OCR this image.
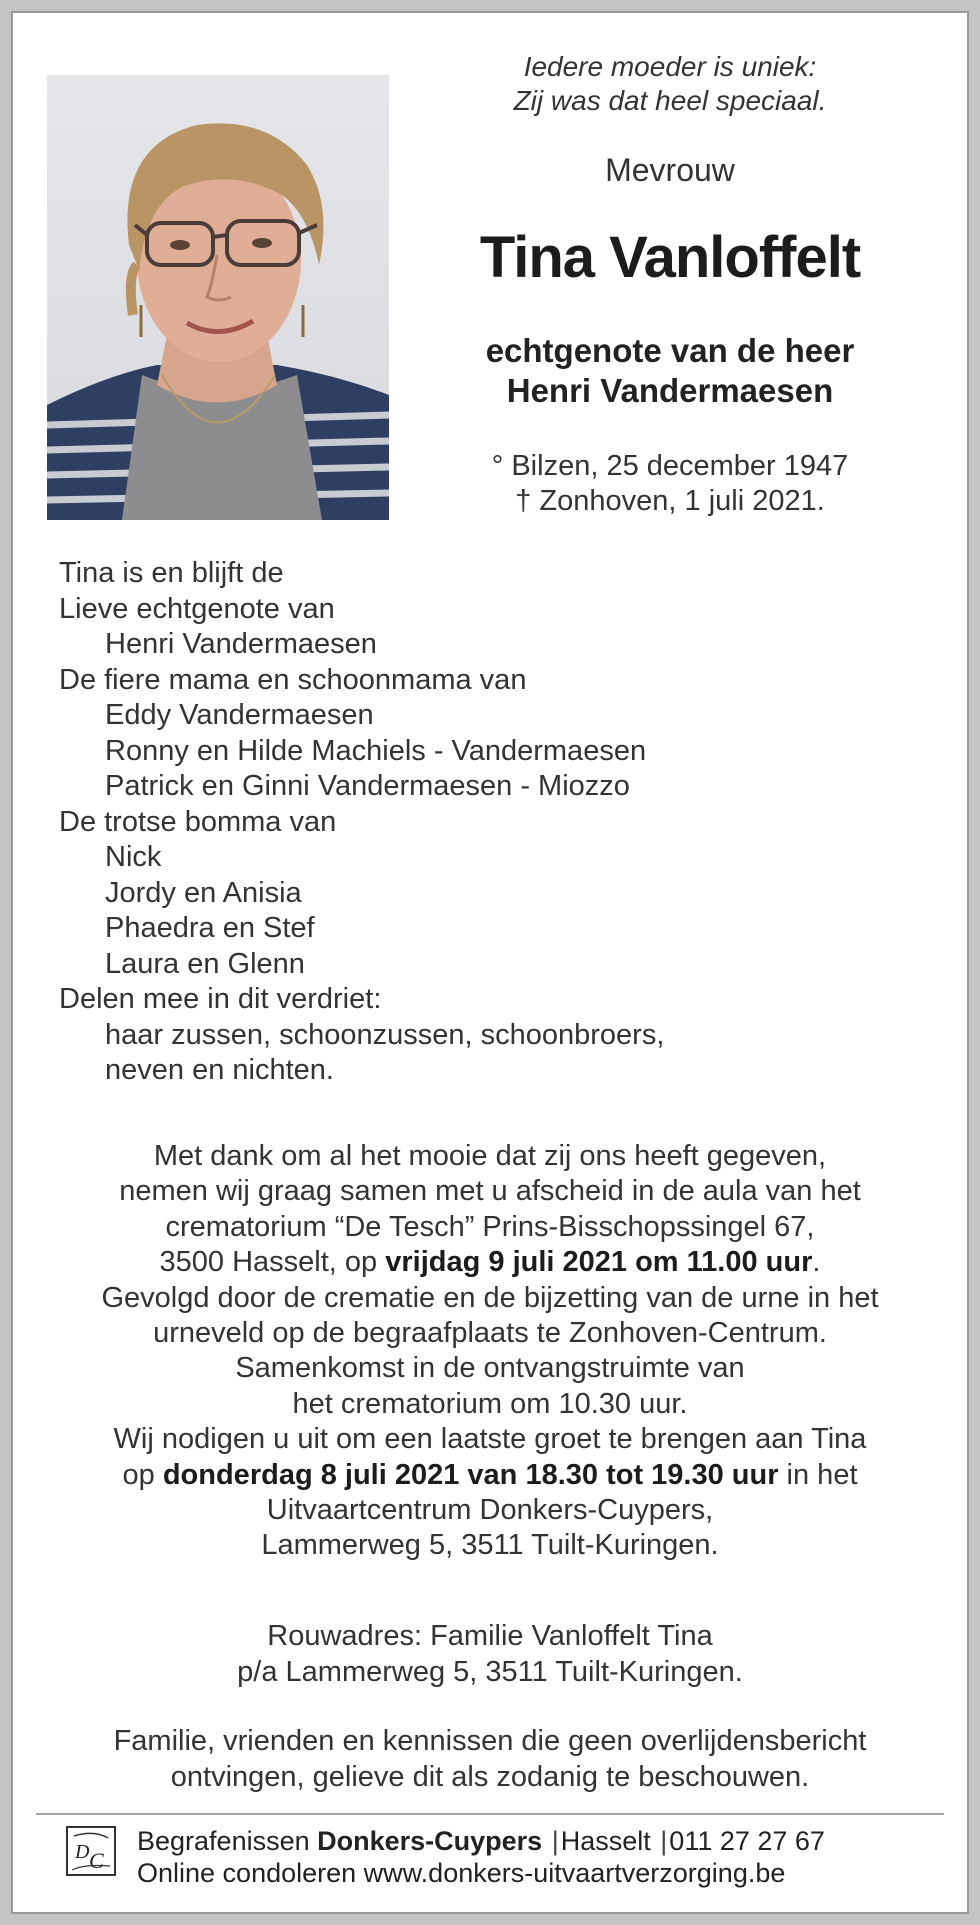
Iedere moeder is uniek:
Zij was dat heel speciaal.
Mevrouw
Tina Vanloffelt
echtgenote van de heer
Henri Vandermaesen
° Bilzen, 25 december 1947
† Zonhoven, 1 juli 2021.
Tina is en blijft de
Lieve echtgenote van
Henri Vandermaesen
De fiere mama en schoonmama van
Eddy Vandermaesen
Ronny en Hilde Machiels - Vandermaesen
Patrick en Ginni Vandermaesen - Miozzo
De trotse bomma van
Nick
Jordy en Anisia
Phaedra en Stef
Laura en Glenn
Delen mee in dit verdriet:
haar zussen, schoonzussen, schoonbroers,
neven en nichten.
Met dank om al het mooie dat zij ons heeft gegeven,
nemen wij graag samen met u afscheid in de aula van het
crematorium “De Tesch” Prins-Bisschopssingel 67,
3500 Hasselt, op vrijdag 9 juli 2021 om 11.00 uur.
Gevolgd door de crematie en de bijzetting van de urne in het
urneveld op de begraafplaats te Zonhoven-Centrum.
Samenkomst in de ontvangstruimte van
het crematorium om 10.30 uur.
Wij nodigen u uit om een laatste groet te brengen aan Tina
op donderdag 8 juli 2021 van 18.30 tot 19.30 uur in het
Uitvaartcentrum Donkers-Cuypers,
Lammerweg 5, 3511 Tuilt-Kuringen.
Rouwadres: Familie Vanloffelt Tina
p/a Lammerweg 5, 3511 Tuilt-Kuringen.
Familie, vrienden en kennissen die geen overlijdensbericht
ontvingen, gelieve dit als zodanig te beschouwen.
D C
Begrafenissen Donkers-Cuypers |Hasselt |011 27 27 67
Online condoleren www.donkers-uitvaartverzorging.be
